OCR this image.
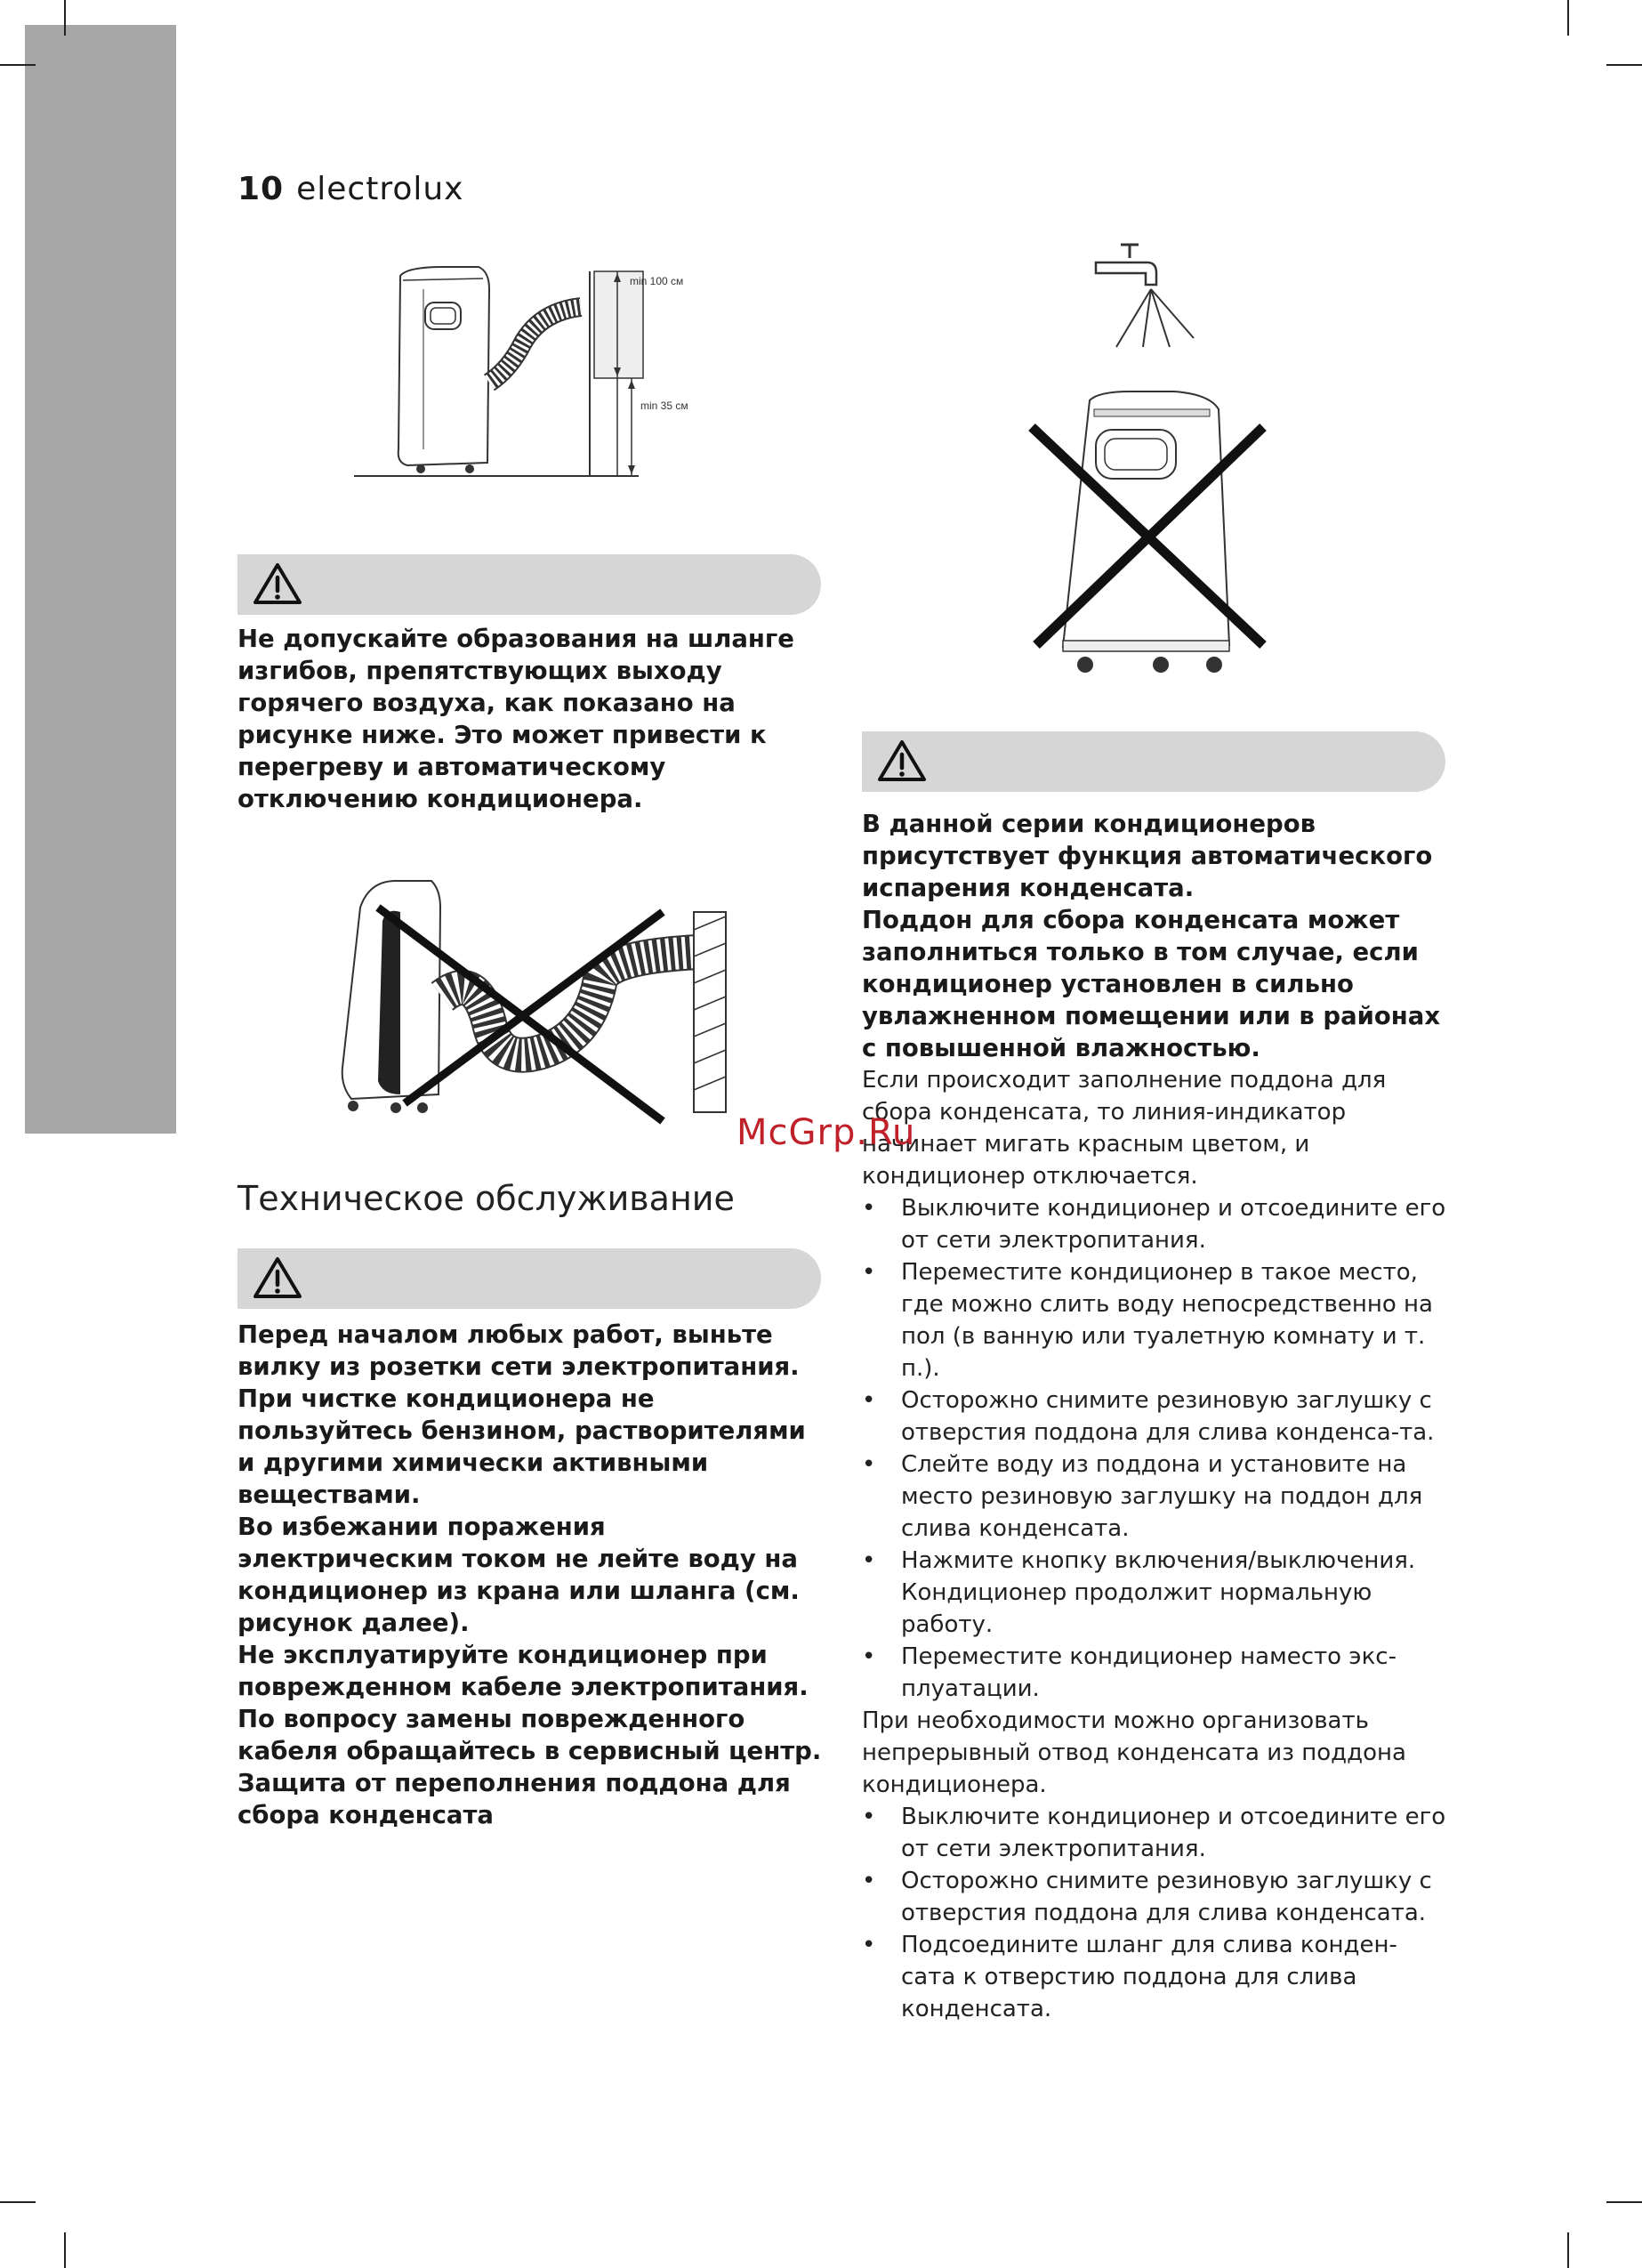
10 electrolux
min 100 см
min 35 см

Не допускайте образования на шланге изгибов, препятствующих выходу горячего воздуха, как показано на рисунке ниже. Это может привести к перегреву и автоматическому отключению кондиционера.

Техническое обслуживание

Перед началом любых работ, выньте вилку из розетки сети электропитания.

При чистке кондиционера не пользуйтесь бензином, растворителями и другими химически активными веществами.

Во избежании поражения электрическим током не лейте воду на кондиционер из крана или шланга (см. рисунок далее).

Не эксплуатируйте кондиционер при поврежденном кабеле электропитания. По вопросу замены поврежденного кабеля обращайтесь в сервисный центр.

Защита от переполнения поддона для сбора конденсата

В данной серии кондиционеров присутствует функция автоматического испарения конденсата.

Поддон для сбора конденсата может заполниться только в том случае, если кондиционер установлен в сильно увлажненном помещении или в районах с повышенной влажностью.

Если происходит заполнение поддона для сбора конденсата, то линия-индикатор начинает мигать красным цветом, и кондиционер отключается.

• Выключите кондиционер и отсоедините его от сети электропитания.
• Переместите кондиционер в такое место, где можно слить воду непосредственно на пол (в ванную или туалетную комнату и т. п.).
• Осторожно снимите резиновую заглушку с отверстия поддона для слива конденса-та.
• Слейте воду из поддона и установите на место резиновую заглушку на поддон для слива конденсата.
• Нажмите кнопку включения/выключения. Кондиционер продолжит нормальную работу.
• Переместите кондиционер наместо экс-плуатации.

При необходимости можно организовать непрерывный отвод конденсата из поддона кондиционера.

• Выключите кондиционер и отсоедините его от сети электропитания.
• Осторожно снимите резиновую заглушку с отверстия поддона для слива конденсата.
• Подсоедините шланг для слива конден-сата к отверстию поддона для слива конденсата.
McGrp.Ru
